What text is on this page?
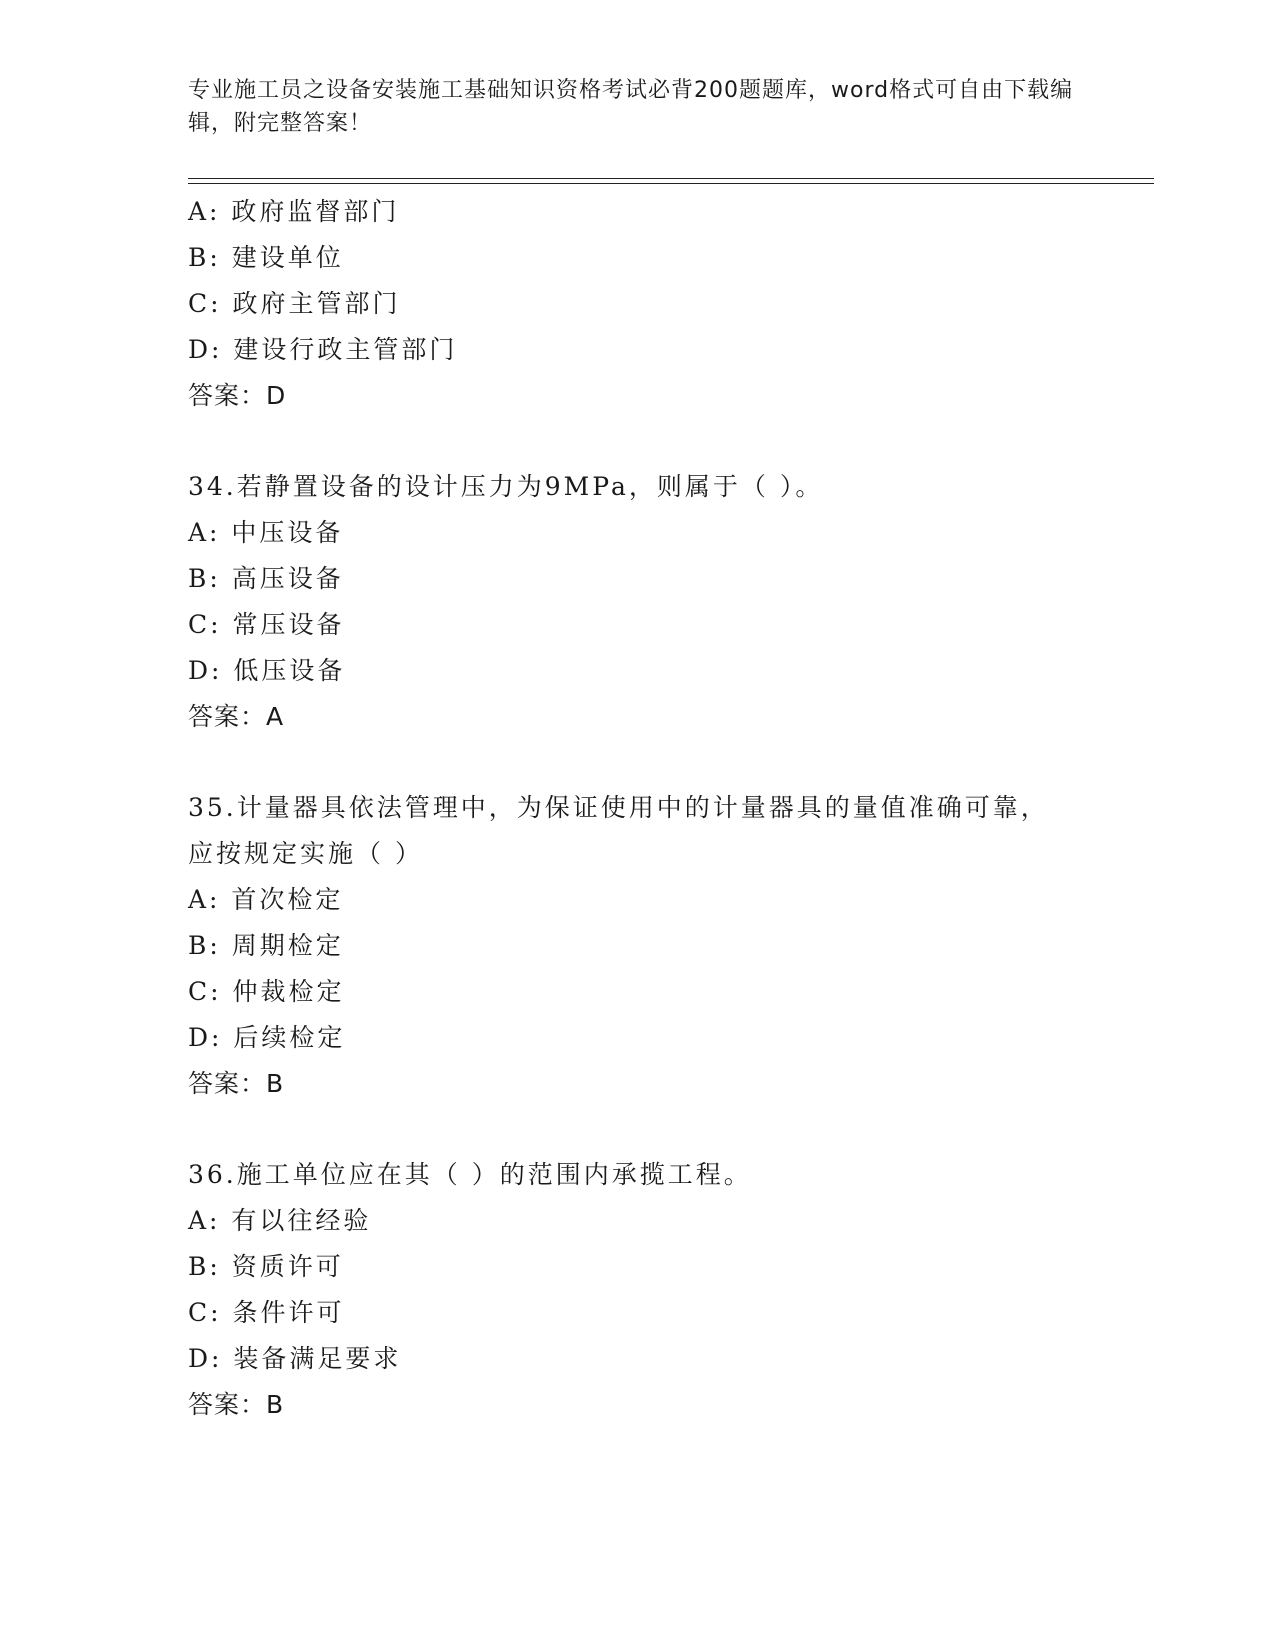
专业施工员之设备安装施工基础知识资格考试必背200题题库，word格式可自由下载编辑，附完整答案！
A: 政府监督部门
B: 建设单位
C: 政府主管部门
D: 建设行政主管部门
答案：D
34.若静置设备的设计压力为9MPa，则属于（ ）。
A: 中压设备
B: 高压设备
C: 常压设备
D: 低压设备
答案：A
35.计量器具依法管理中，为保证使用中的计量器具的量值准确可靠，
应按规定实施（ ）
A: 首次检定
B: 周期检定
C: 仲裁检定
D: 后续检定
答案：B
36.施工单位应在其（ ）的范围内承揽工程。
A: 有以往经验
B: 资质许可
C: 条件许可
D: 装备满足要求
答案：B
